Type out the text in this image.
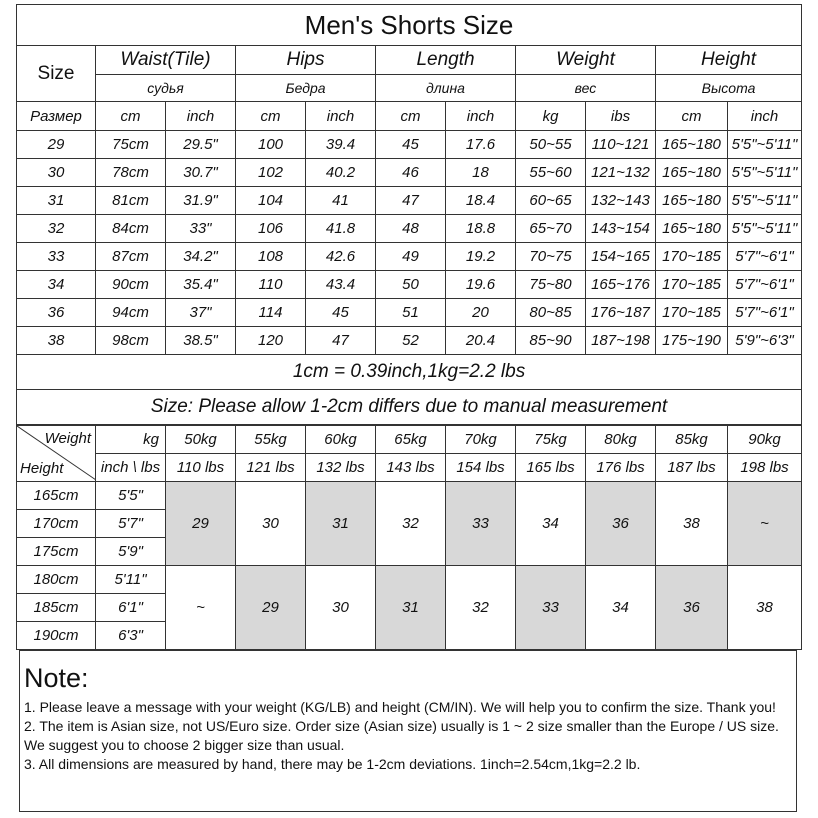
Men's Shorts Size										
Size	Waist(Tile)		Hips		Length		Weight		Height	
	судья		Бедра		длина		вес		Высота	
Размер	cm	inch	cm	inch	cm	inch	kg	ibs	cm	inch
29	75cm	29.5"	100	39.4	45	17.6	50~55	110~121	165~180	5'5"~5'11"
30	78cm	30.7"	102	40.2	46	18	55~60	121~132	165~180	5'5"~5'11"
31	81cm	31.9"	104	41	47	18.4	60~65	132~143	165~180	5'5"~5'11"
32	84cm	33"	106	41.8	48	18.8	65~70	143~154	165~180	5'5"~5'11"
33	87cm	34.2"	108	42.6	49	19.2	70~75	154~165	170~185	5'7"~6'1"
34	90cm	35.4"	110	43.4	50	19.6	75~80	165~176	170~185	5'7"~6'1"
36	94cm	37"	114	45	51	20	80~85	176~187	170~185	5'7"~6'1"
38	98cm	38.5"	120	47	52	20.4	85~90	187~198	175~190	5'9"~6'3"
1cm = 0.39inch,1kg=2.2 lbs										
Size: Please allow 1-2cm differs due to manual measurement										
Weight
Height	kg	50kg	55kg	60kg	65kg	70kg	75kg	80kg	85kg	90kg
	inch \ lbs	110 lbs	121 lbs	132 lbs	143 lbs	154 lbs	165 lbs	176 lbs	187 lbs	198 lbs
165cm	5'5"	29	30	31	32	33	34	36	38	~
170cm	5'7"									
175cm	5'9"									
180cm	5'11"	~	29	30	31	32	33	34	36	38
185cm	6'1"									
190cm	6'3"									
Note:

1. Please leave a message with your weight (KG/LB) and height (CM/IN). We will help you to confirm the size. Thank you!

2. The item is Asian size, not US/Euro size. Order size (Asian size) usually is 1 ~ 2 size smaller than the Europe / US size.

We suggest you to choose 2 bigger size than usual.

3. All dimensions are measured by hand, there may be 1-2cm deviations. 1inch=2.54cm,1kg=2.2 lb.
